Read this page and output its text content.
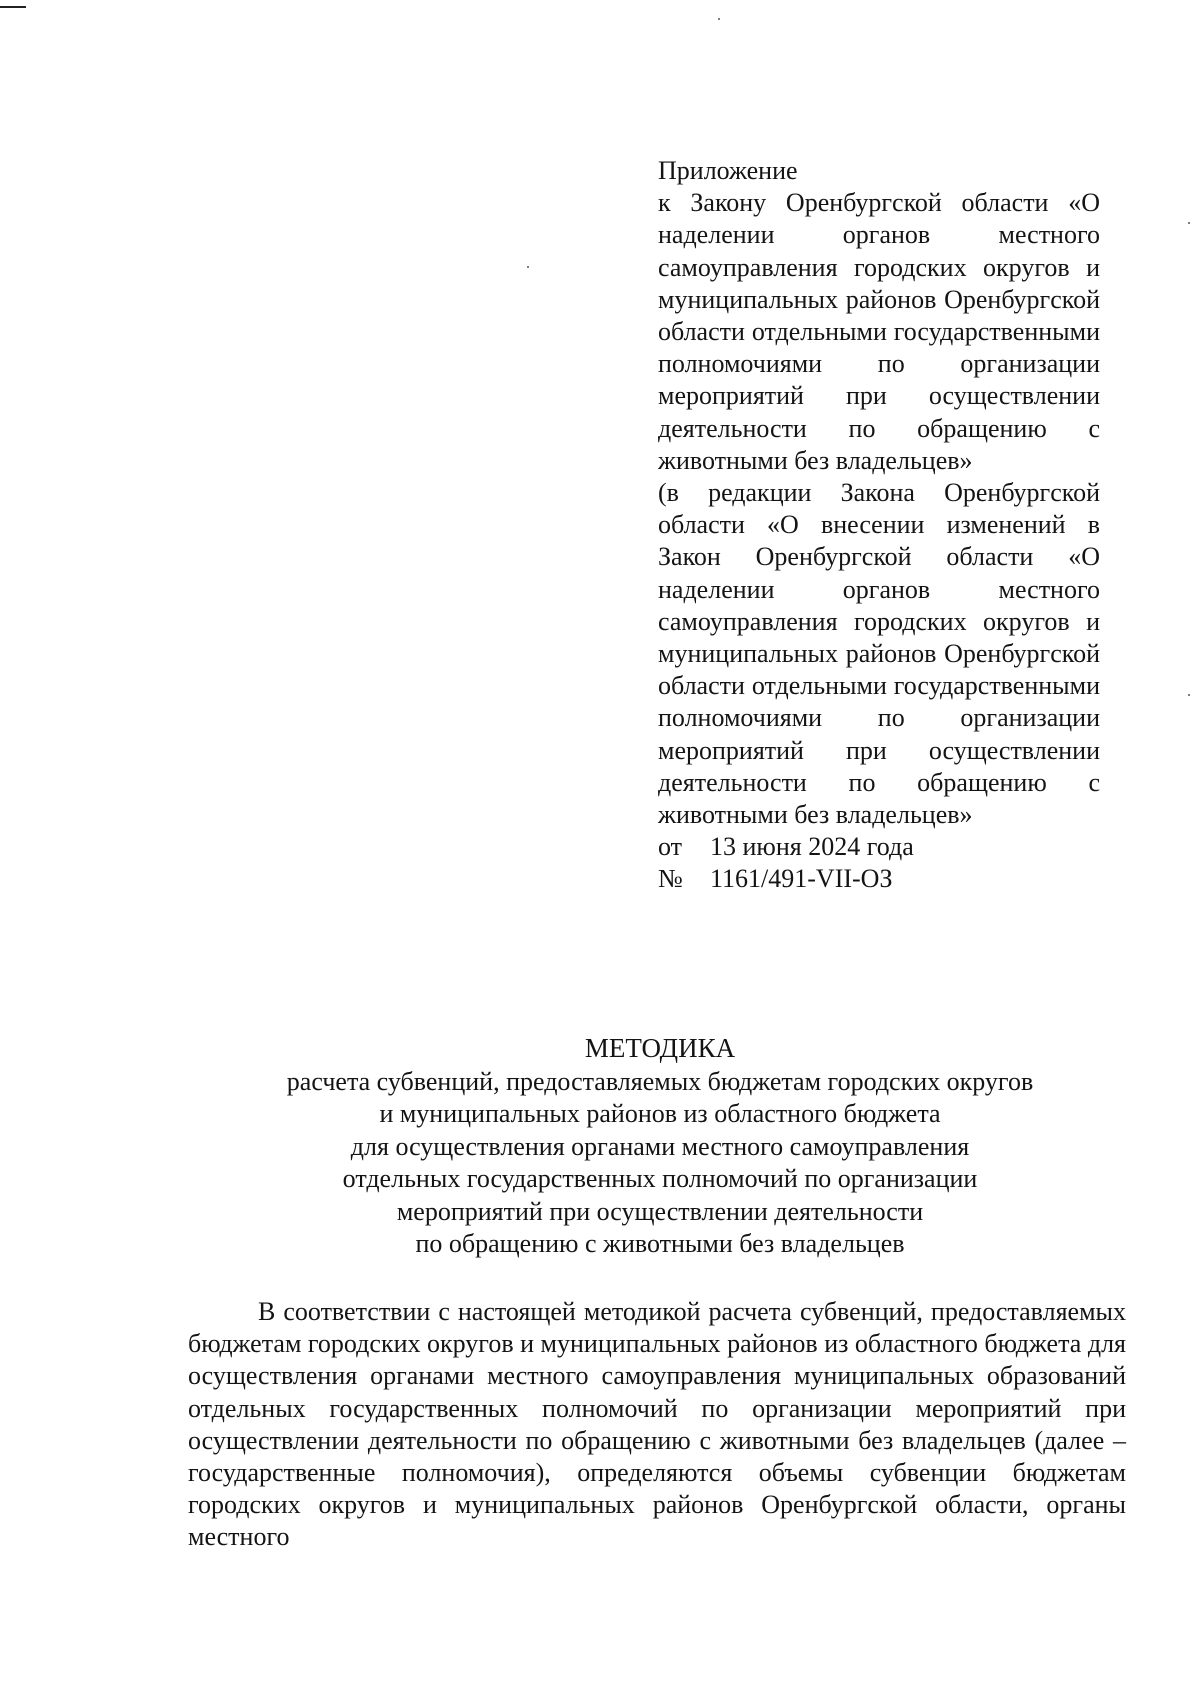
Приложение

к Закону Оренбургской области «О наделении органов местного самоуправления городских округов и муниципальных районов Оренбургской области отдельными государственными полномочиями по организации мероприятий при осуществлении деятельности по обращению с животными без владельцев»

(в редакции Закона Оренбургской области «О внесении изменений в Закон Оренбургской области «О наделении органов местного самоуправления городских округов и муниципальных районов Оренбургской области отдельными государственными полномочиями по организации мероприятий при осуществлении деятельности по обращению с животными без владельцев»

от	13 июня 2024 года
№	1161/491-VII-ОЗ
МЕТОДИКА
расчета субвенций, предоставляемых бюджетам городских округов
и муниципальных районов из областного бюджета
для осуществления органами местного самоуправления
отдельных государственных полномочий по организации
мероприятий при осуществлении деятельности
по обращению с животными без владельцев

В соответствии с настоящей методикой расчета субвенций, предоставляемых бюджетам городских округов и муниципальных районов из областного бюджета для осуществления органами местного самоуправления муниципальных образований отдельных государственных полномочий по организации мероприятий при осуществлении деятельности по обращению с животными без владельцев (далее – государственные полномочия), определяются объемы субвенции бюджетам городских округов и муниципальных районов Оренбургской области, органы местного
